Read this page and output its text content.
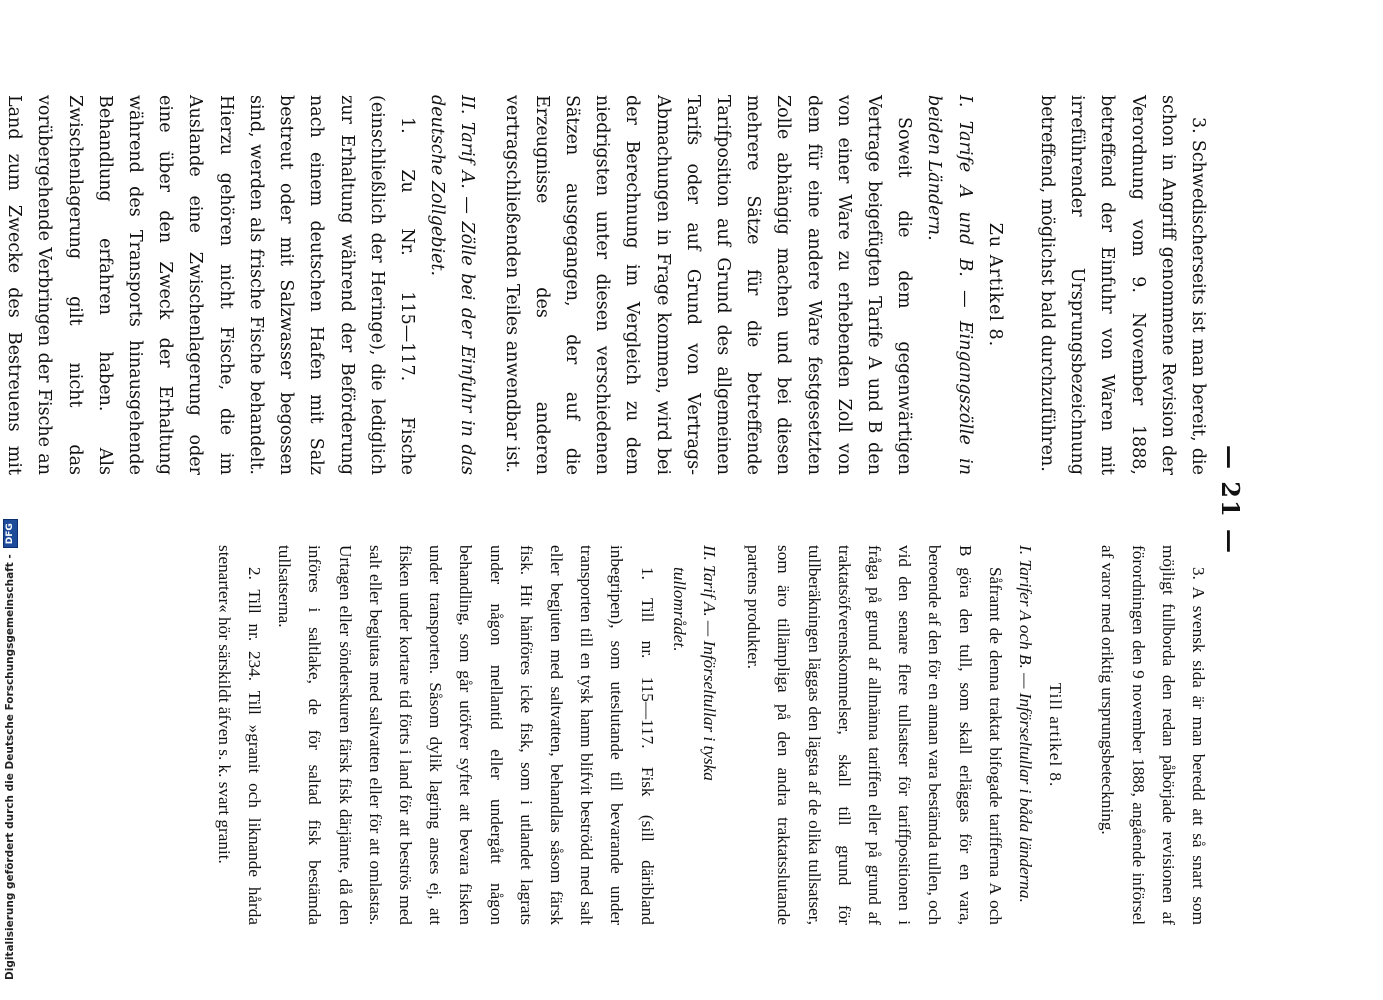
— 21 —

3. Schwedischerseits ist man bereit, die schon in Angriff genommene Revision der Verordnung vom 9. November 1888, betreffend der Einfuhr von Waren mit irreführender Ursprungsbezeichnung betreffend, möglichst bald durchzuführen.

Zu Artikel 8.

I. Tarife A und B. — Eingangszölle in beiden Ländern.

Soweit die dem gegenwärtigen Vertrage beigefügten Tarife A und B den von einer Ware zu erhebenden Zoll von dem für eine andere Ware festgesetzten Zolle abhängig machen und bei diesen mehrere Sätze für die betreffende Tarifposition auf Grund des allgemeinen Tarifs oder auf Grund von Vertrags-Abmachungen in Frage kommen, wird bei der Berechnung im Vergleich zu dem niedrigsten unter diesen verschiedenen Sätzen ausgegangen, der auf die Erzeugnisse des anderen vertragschließenden Teiles anwendbar ist.

II. Tarif A. — Zölle bei der Einfuhr in das deutsche Zollgebiet.

1. Zu Nr. 115—117. Fische (einschließlich der Heringe), die lediglich zur Erhaltung während der Beförderung nach einem deutschen Hafen mit Salz bestreut oder mit Salzwasser begossen sind, werden als frische Fische behandelt. Hierzu gehören nicht Fische, die im Auslande eine Zwischenlagerung oder eine über den Zweck der Erhaltung während des Transports hinausgehende Behandlung erfahren haben. Als Zwischenlagerung gilt nicht das vorübergehende Verbringen der Fische an Land zum Zwecke des Bestreuens mit

3. A svensk sida är man beredd att så snart som möjligt fullborda den redan påbörjade revisionen af förordningen den 9 november 1888, angående införsel af varor med oriktig ursprungsbeteckning.

Till artikel 8.

I. Tarifer A och B. — Införseltullar i båda länderna.

Såframt de denna traktat bifogade tarifferna A och B göra den tull, som skall erläggas för en vara, beroende af den för en annan vara bestämda tullen, och vid den senare flere tullsatser för tariffpositionen i fråga på grund af allmänna tariffen eller på grund af traktatsöfverenskommelser, skall till grund för tullberäkningen läggas den lägsta af de olika tullsatser, som äro tillämpliga på den andra traktatsslutande partens produkter.

II. Tarif A. — Införseltullar i tyska

tullområdet.

1. Till nr. 115—117. Fisk (sill däribland inbegripen), som uteslutande till bevarande under transporten till en tysk hamn blifvit beströdd med salt eller begjuten med saltvatten, behandlas såsom färsk fisk. Hit hänföres icke fisk, som i utlandet lagrats under någon mellantid eller undergått någon behandling, som går utöfver syftet att bevara fisken under transporten. Såsom dylik lagring anses ej, att fisken under kortare tid förts i land för att beströs med salt eller begjutas med saltvatten eller för att omlastas. Urtagen eller sönderskuren färsk fisk därjämte, då den införes i saltlake, de för saltad fisk bestämda tullsatserna.

2. Till nr. 234. Till »granit och liknande hårda stenarter« hör särskildt äfven s. k. svart granit.

Digitalisierung gefördert durch die Deutsche Forschungsgemeinschaft -
DFG
